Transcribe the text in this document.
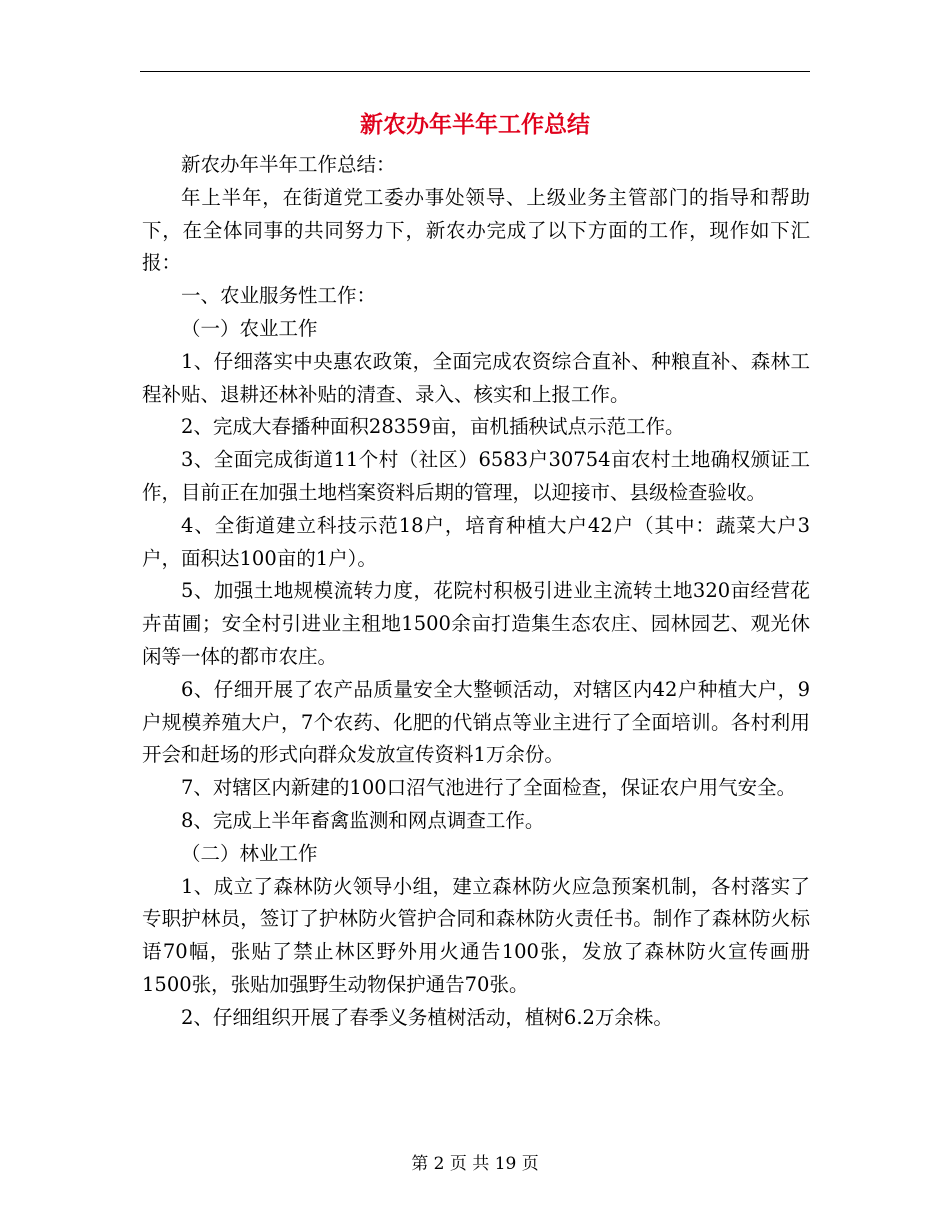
新农办年半年工作总结

新农办年半年工作总结：

年上半年，在街道党工委办事处领导、上级业务主管部门的指导和帮助下，在全体同事的共同努力下，新农办完成了以下方面的工作，现作如下汇报：

一、农业服务性工作：

（一）农业工作

1、仔细落实中央惠农政策，全面完成农资综合直补、种粮直补、森林工程补贴、退耕还林补贴的清查、录入、核实和上报工作。

2、完成大春播种面积28359亩，亩机插秧试点示范工作。

3、全面完成街道11个村（社区）6583户30754亩农村土地确权颁证工作，目前正在加强土地档案资料后期的管理，以迎接市、县级检查验收。

4、全街道建立科技示范18户，培育种植大户42户（其中：蔬菜大户3户，面积达100亩的1户）。

5、加强土地规模流转力度，花院村积极引进业主流转土地320亩经营花卉苗圃；安全村引进业主租地1500余亩打造集生态农庄、园林园艺、观光休闲等一体的都市农庄。

6、仔细开展了农产品质量安全大整顿活动，对辖区内42户种植大户，9户规模养殖大户，7个农药、化肥的代销点等业主进行了全面培训。各村利用开会和赶场的形式向群众发放宣传资料1万余份。

7、对辖区内新建的100口沼气池进行了全面检查，保证农户用气安全。

8、完成上半年畜禽监测和网点调查工作。

（二）林业工作

1、成立了森林防火领导小组，建立森林防火应急预案机制，各村落实了专职护林员，签订了护林防火管护合同和森林防火责任书。制作了森林防火标语70幅，张贴了禁止林区野外用火通告100张，发放了森林防火宣传画册1500张，张贴加强野生动物保护通告70张。

2、仔细组织开展了春季义务植树活动，植树6.2万余株。

第 2 页 共 19 页
